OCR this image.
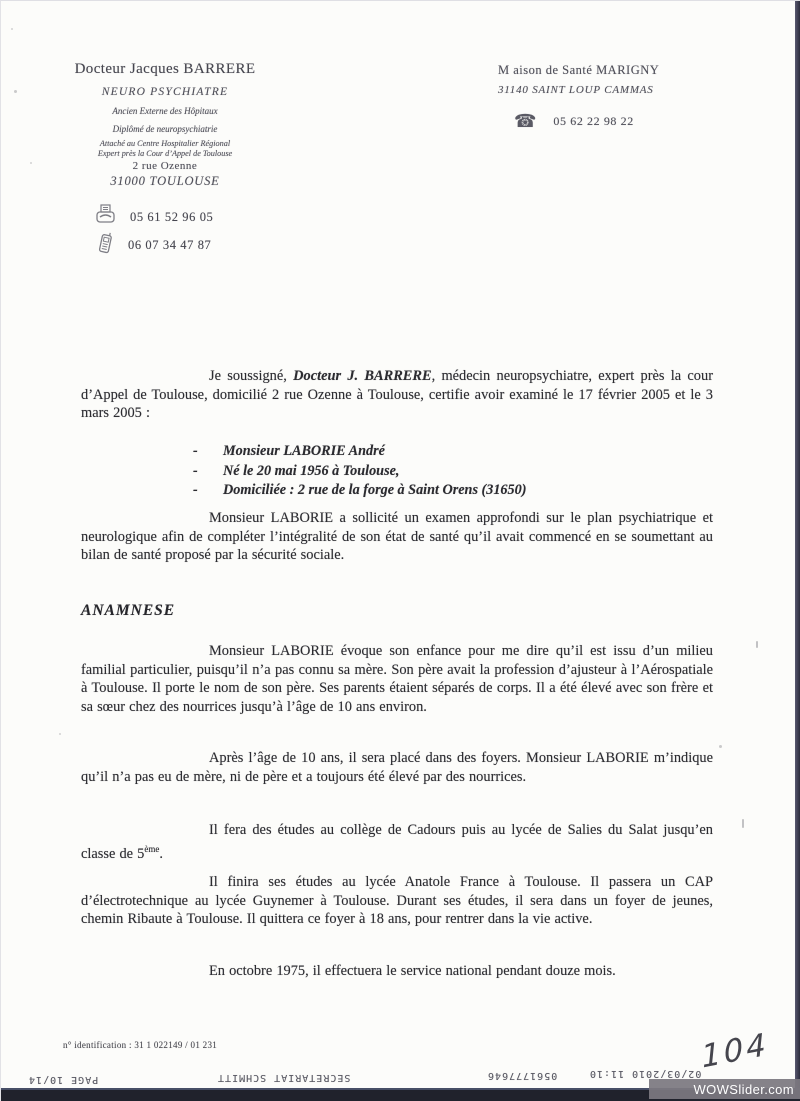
Docteur Jacques BARRERE
NEURO PSYCHIATRE
Ancien Externe des Hôpitaux
Diplômé de neuropsychiatrie
Attaché au Centre Hospitalier Régional
Expert près la Cour d’Appel de Toulouse
2 rue Ozenne
31000 TOULOUSE
05 61 52 96 05
06 07 34 47 87
M aison de Santé MARIGNY
31140 SAINT LOUP CAMMAS
☎ 05 62 22 98 22
Je soussigné, Docteur J. BARRERE, médecin neuropsychiatre, expert près la cour d’Appel de Toulouse, domicilié 2 rue Ozenne à Toulouse, certifie avoir examiné le 17 février 2005 et le 3 mars 2005 :
- Monsieur LABORIE André
- Né le 20 mai 1956 à Toulouse,
- Domiciliée : 2 rue de la forge à Saint Orens (31650)
Monsieur LABORIE a sollicité un examen approfondi sur le plan psychiatrique et neurologique afin de compléter l’intégralité de son état de santé qu’il avait commencé en se soumettant au bilan de santé proposé par la sécurité sociale.
ANAMNESE
Monsieur LABORIE évoque son enfance pour me dire qu’il est issu d’un milieu familial particulier, puisqu’il n’a pas connu sa mère. Son père avait la profession d’ajusteur à l’Aérospatiale à Toulouse. Il porte le nom de son père. Ses parents étaient séparés de corps. Il a été élevé avec son frère et sa sœur chez des nourrices jusqu’à l’âge de 10 ans environ.
Après l’âge de 10 ans, il sera placé dans des foyers. Monsieur LABORIE m’indique qu’il n’a pas eu de mère, ni de père et a toujours été élevé par des nourrices.
Il fera des études au collège de Cadours puis au lycée de Salies du Salat jusqu’en classe de 5ème.
Il finira ses études au lycée Anatole France à Toulouse. Il passera un CAP d’électrotechnique au lycée Guynemer à Toulouse. Durant ses études, il sera dans un foyer de jeunes, chemin Ribaute à Toulouse. Il quittera ce foyer à 18 ans, pour rentrer dans la vie active.
En octobre 1975, il effectuera le service national pendant douze mois.
n° identification : 31 1 022149 / 01 231
PAGE 10/14	SECRETARIAT SCHMITT	0561777646	02/03/2010 11:10
104
WOWSlider.com
